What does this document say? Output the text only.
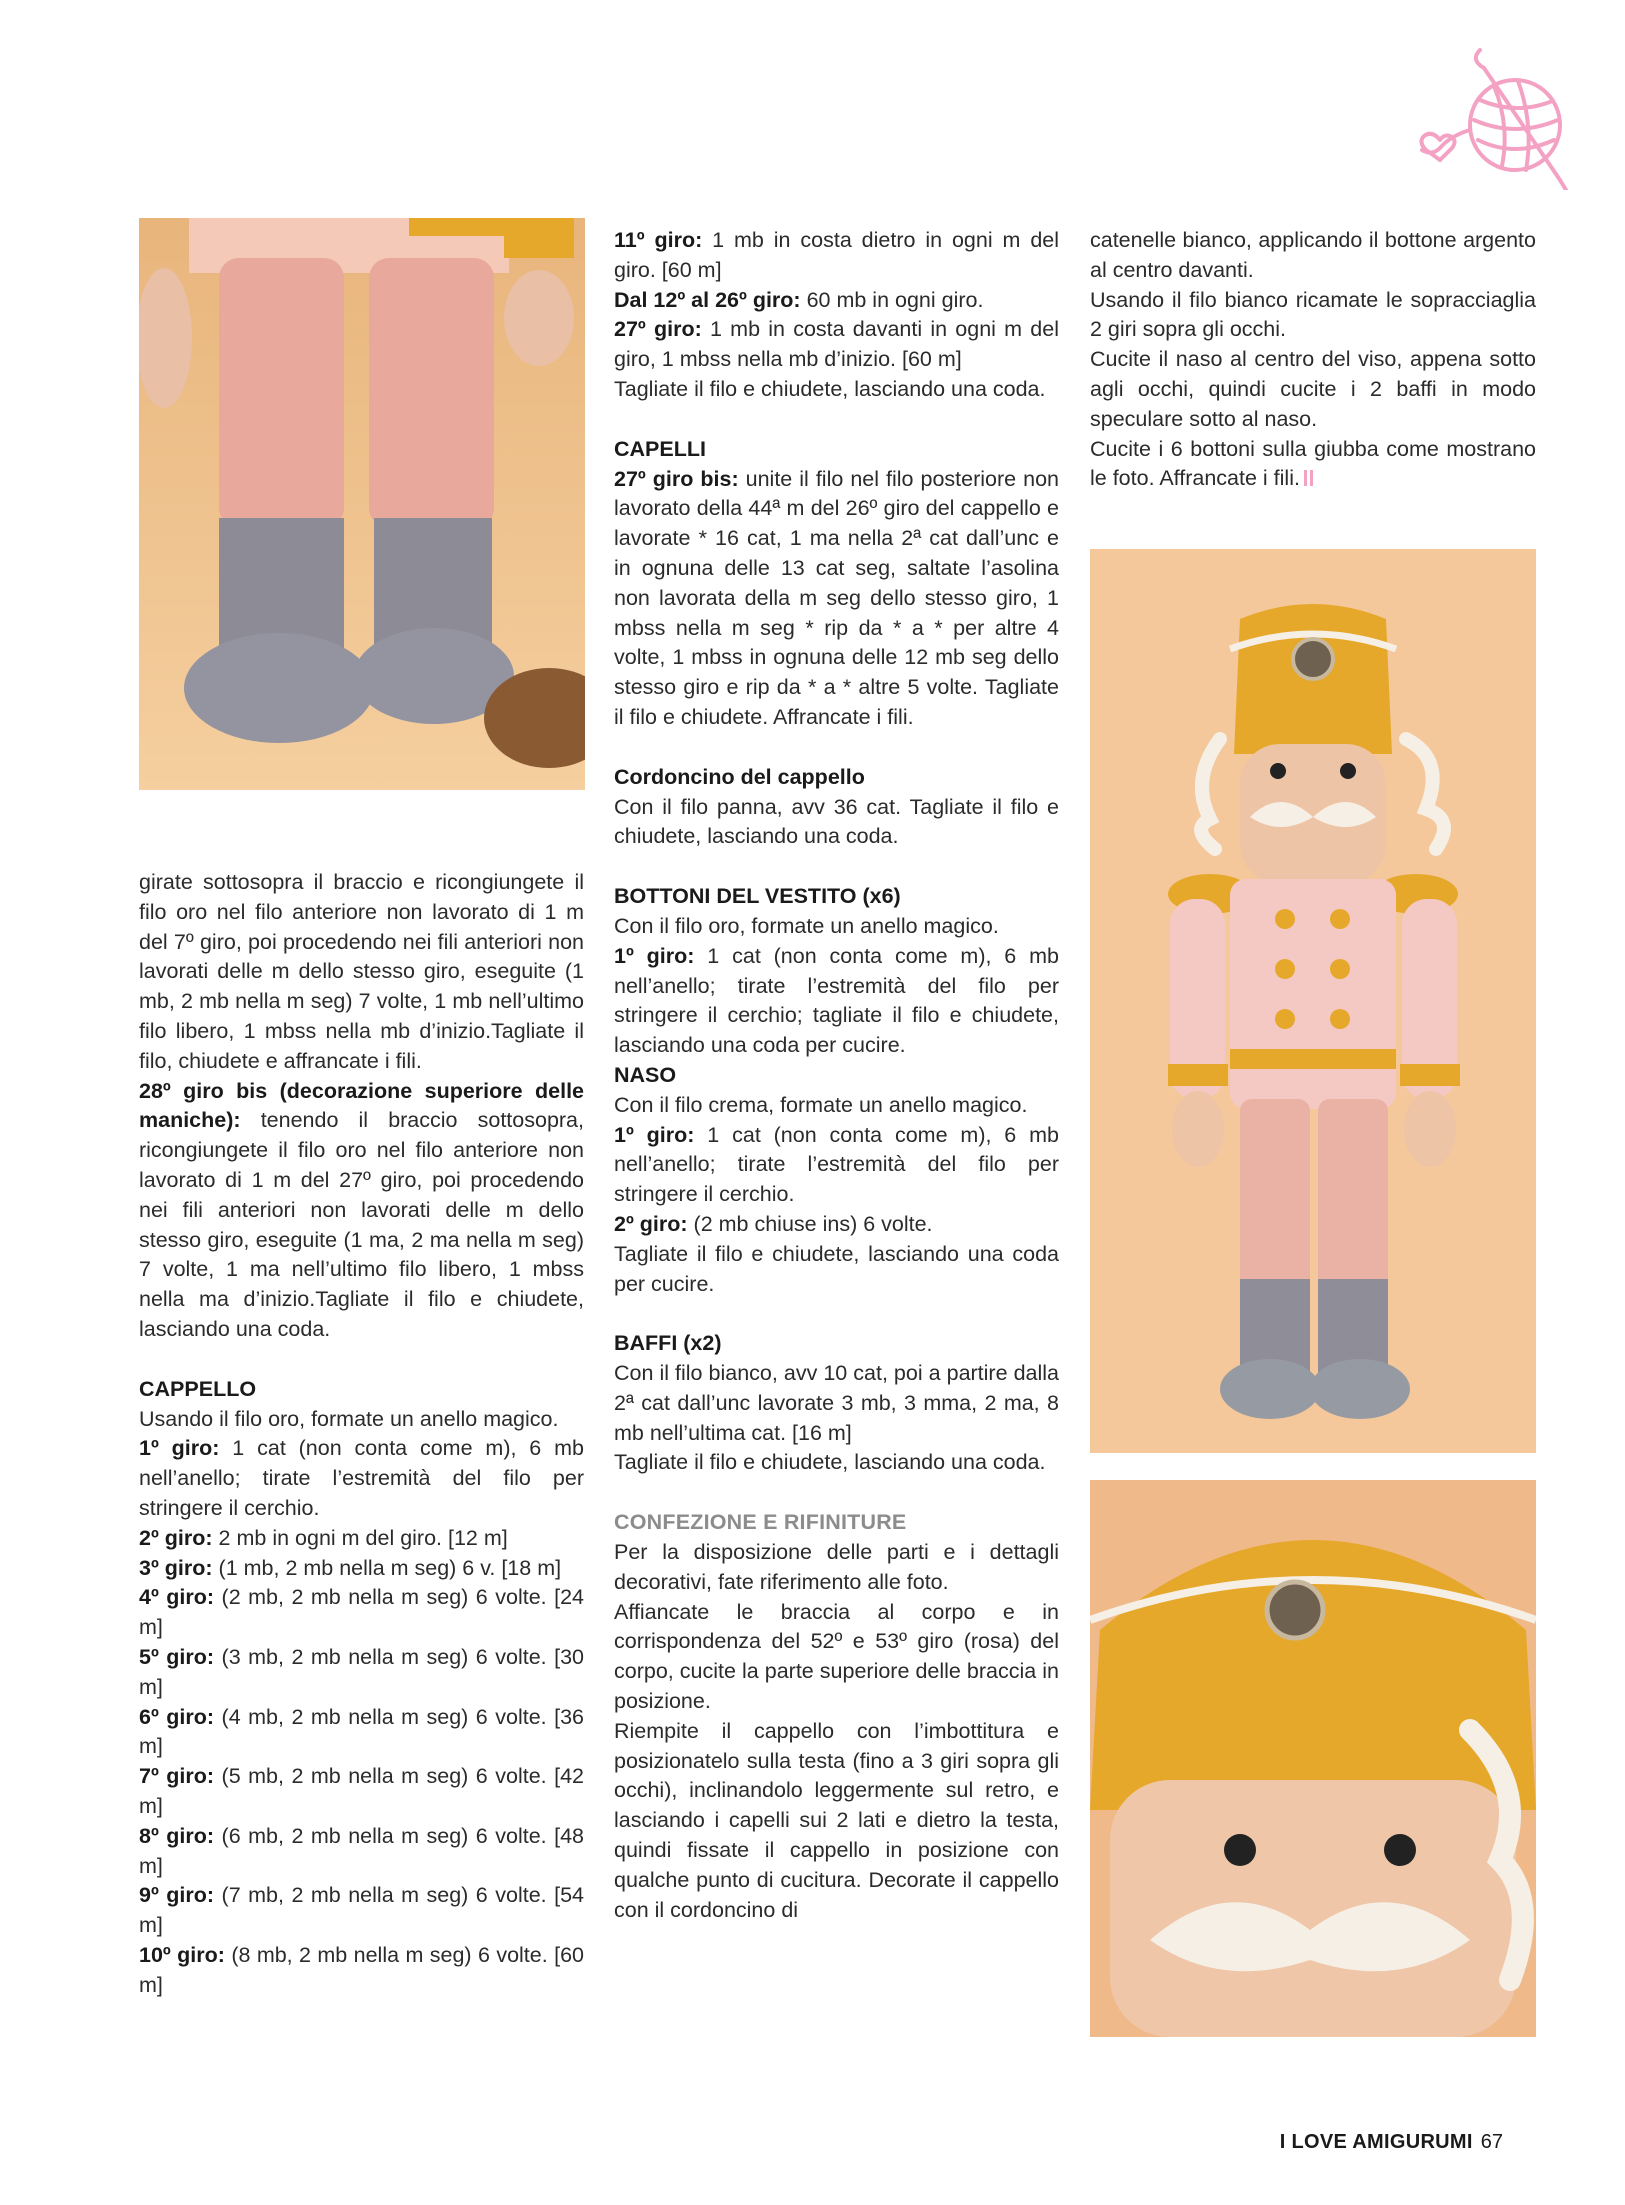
girate sottosopra il braccio e ricongiungete il filo oro nel filo anteriore non lavorato di 1 m del 7º giro, poi procedendo nei fili anteriori non lavorati delle m dello stesso giro, eseguite (1 mb, 2 mb nella m seg) 7 volte, 1 mb nell’ultimo filo libero, 1 mbss nella mb d’inizio.Tagliate il filo, chiudete e affrancate i fili.

28º giro bis (decorazione superiore delle maniche): tenendo il braccio sottosopra, ricongiungete il filo oro nel filo anteriore non lavorato di 1 m del 27º giro, poi procedendo nei fili anteriori non lavorati delle m dello stesso giro, eseguite (1 ma, 2 ma nella m seg) 7 volte, 1 ma nell’ultimo filo libero, 1 mbss nella ma d’inizio.Tagliate il filo e chiudete, lasciando una coda.

CAPPELLO

Usando il filo oro, formate un anello magico.

1º giro: 1 cat (non conta come m), 6 mb nell’anello; tirate l’estremità del filo per stringere il cerchio.

2º giro: 2 mb in ogni m del giro. [12 m]

3º giro: (1 mb, 2 mb nella m seg) 6 v. [18 m]

4º giro: (2 mb, 2 mb nella m seg) 6 volte. [24 m]

5º giro: (3 mb, 2 mb nella m seg) 6 volte. [30 m]

6º giro: (4 mb, 2 mb nella m seg) 6 volte. [36 m]

7º giro: (5 mb, 2 mb nella m seg) 6 volte. [42 m]

8º giro: (6 mb, 2 mb nella m seg) 6 volte. [48 m]

9º giro: (7 mb, 2 mb nella m seg) 6 volte. [54 m]

10º giro: (8 mb, 2 mb nella m seg) 6 volte. [60 m]

11º giro: 1 mb in costa dietro in ogni m del giro. [60 m]

Dal 12º al 26º giro: 60 mb in ogni giro.

27º giro: 1 mb in costa davanti in ogni m del giro, 1 mbss nella mb d’inizio. [60 m]

Tagliate il filo e chiudete, lasciando una coda.

CAPELLI

27º giro bis: unite il filo nel filo posteriore non lavorato della 44ª m del 26º giro del cappello e lavorate * 16 cat, 1 ma nella 2ª cat dall’unc e in ognuna delle 13 cat seg, saltate l’asolina non lavorata della m seg dello stesso giro, 1 mbss nella m seg * rip da * a * per altre 4 volte, 1 mbss in ognuna delle 12 mb seg dello stesso giro e rip da * a * altre 5 volte. Tagliate il filo e chiudete. Affrancate i fili.

Cordoncino del cappello

Con il filo panna, avv 36 cat. Tagliate il filo e chiudete, lasciando una coda.

BOTTONI DEL VESTITO (x6)

Con il filo oro, formate un anello magico.

1º giro: 1 cat (non conta come m), 6 mb nell’anello; tirate l’estremità del filo per stringere il cerchio; tagliate il filo e chiudete, lasciando una coda per cucire.

NASO

Con il filo crema, formate un anello magico.

1º giro: 1 cat (non conta come m), 6 mb nell’anello; tirate l’estremità del filo per stringere il cerchio.

2º giro: (2 mb chiuse ins) 6 volte.

Tagliate il filo e chiudete, lasciando una coda per cucire.

BAFFI (x2)

Con il filo bianco, avv 10 cat, poi a partire dalla 2ª cat dall’unc lavorate 3 mb, 3 mma, 2 ma, 8 mb nell’ultima cat. [16 m]

Tagliate il filo e chiudete, lasciando una coda.

CONFEZIONE E RIFINITURE

Per la disposizione delle parti e i dettagli decorativi, fate riferimento alle foto.

Affiancate le braccia al corpo e in corrispondenza del 52º e 53º giro (rosa) del corpo, cucite la parte superiore delle braccia in posizione.

Riempite il cappello con l’imbottitura e posizionatelo sulla testa (fino a 3 giri sopra gli occhi), inclinandolo leggermente sul retro, e lasciando i capelli sui 2 lati e dietro la testa, quindi fissate il cappello in posizione con qualche punto di cucitura. Decorate il cappello con il cordoncino di

catenelle bianco, applicando il bottone argento al centro davanti.

Usando il filo bianco ricamate le sopracciaglia 2 giri sopra gli occhi.

Cucite il naso al centro del viso, appena sotto agli occhi, quindi cucite i 2 baffi in modo speculare sotto al naso.

Cucite i 6 bottoni sulla giubba come mostrano le foto. Affrancate i fili.

I LOVE AMIGURUMI 67
